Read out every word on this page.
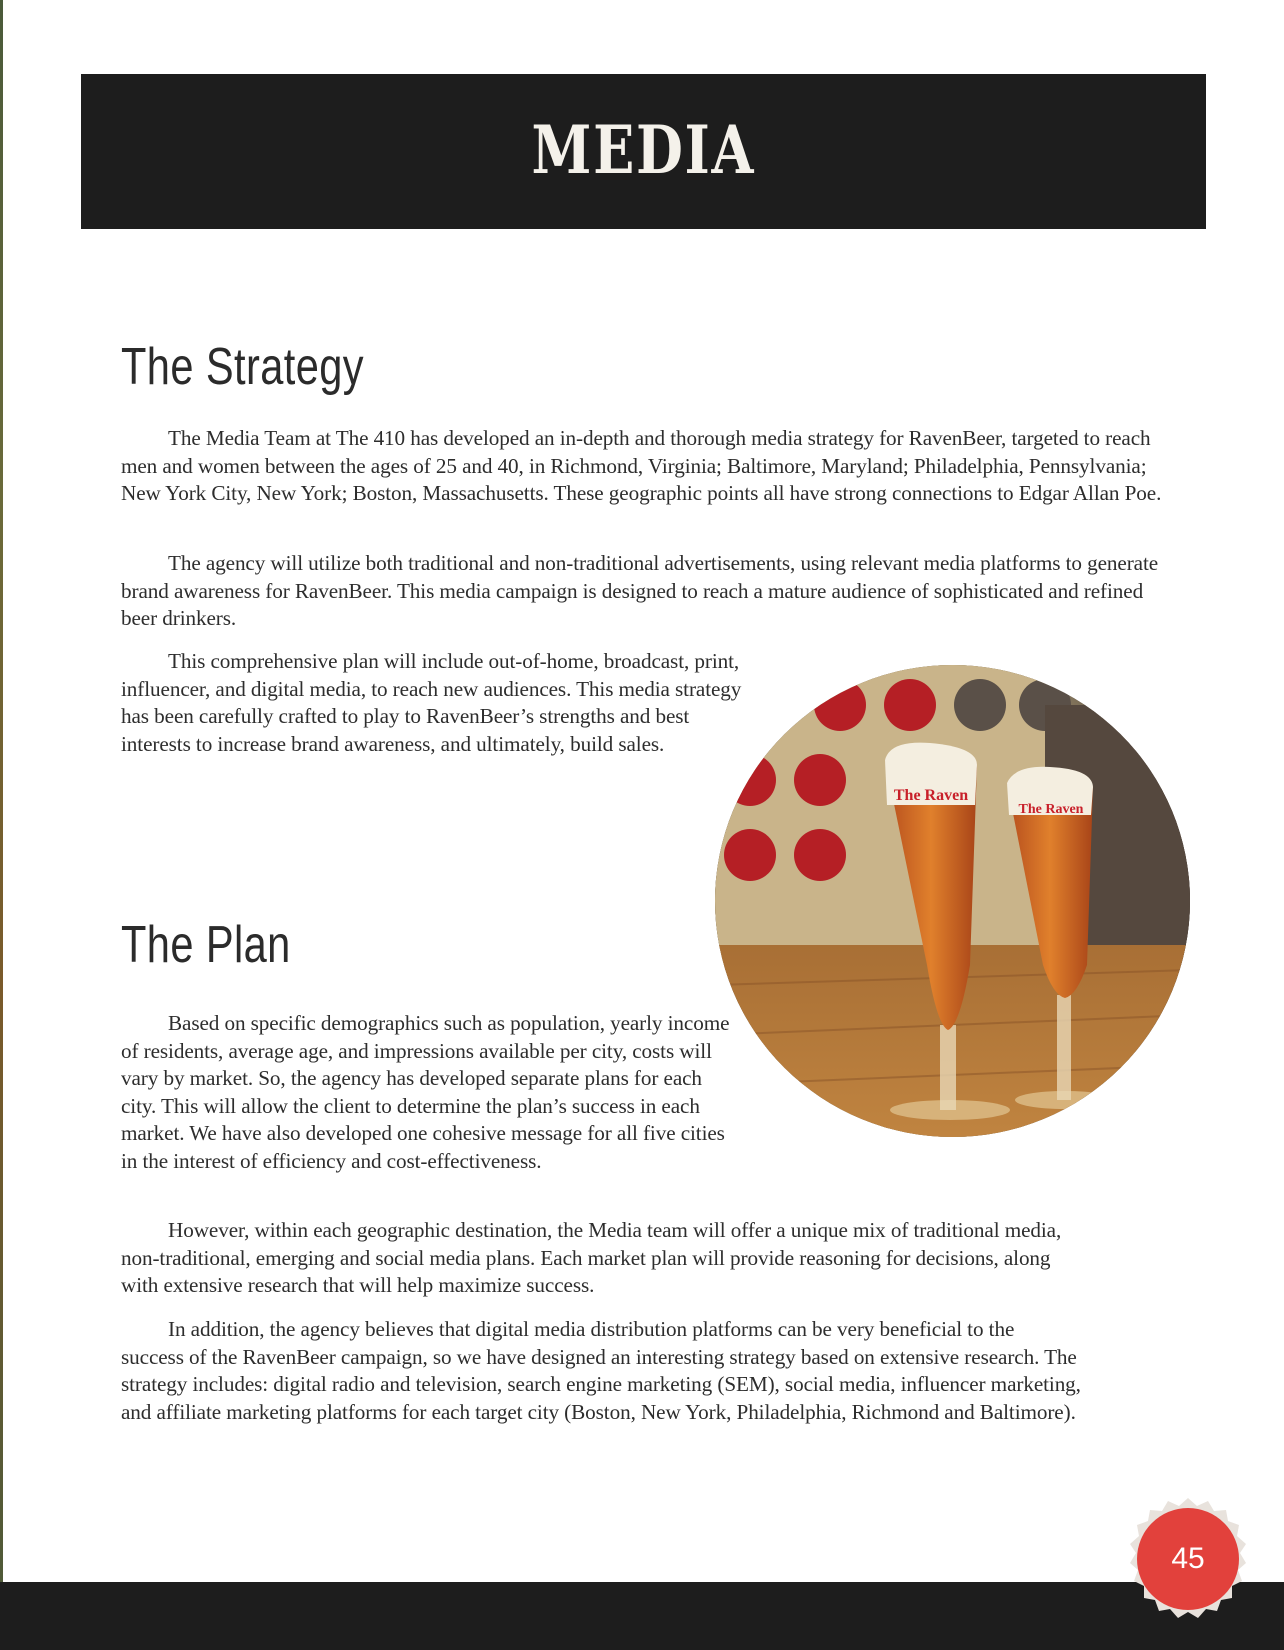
MEDIA
The Strategy

The Media Team at The 410 has developed an in-depth and thorough media strategy for RavenBeer, targeted to reach men and women between the ages of 25 and 40, in Richmond, Virginia; Baltimore, Maryland; Philadelphia, Pennsylvania; New York City, New York; Boston, Massachusetts. These geographic points all have strong connections to Edgar Allan Poe.

The agency will utilize both traditional and non-traditional advertisements, using relevant media platforms to generate brand awareness for RavenBeer. This media campaign is designed to reach a mature audience of sophisticated and refined beer drinkers.

This comprehensive plan will include out-of-home, broadcast, print, influencer, and digital media, to reach new audiences. This media strategy has been carefully crafted to play to RavenBeer’s strengths and best interests to increase brand awareness, and ultimately, build sales.

The Plan

Based on specific demographics such as population, yearly income of residents, average age, and impressions available per city, costs will vary by market. So, the agency has developed separate plans for each city. This will allow the client to determine the plan’s success in each market. We have also developed one cohesive message for all five cities in the interest of efficiency and cost-effectiveness.

However, within each geographic destination, the Media team will offer a unique mix of traditional media, non-traditional, emerging and social media plans. Each market plan will provide reasoning for decisions, along with extensive research that will help maximize success.

In addition, the agency believes that digital media distribution platforms can be very beneficial to the success of the RavenBeer campaign, so we have designed an interesting strategy based on extensive research. The strategy includes: digital radio and television, search engine marketing (SEM), social media, influencer marketing, and affiliate marketing platforms for each target city (Boston, New York, Philadelphia, Richmond and Baltimore).

The Raven
The Raven
45
